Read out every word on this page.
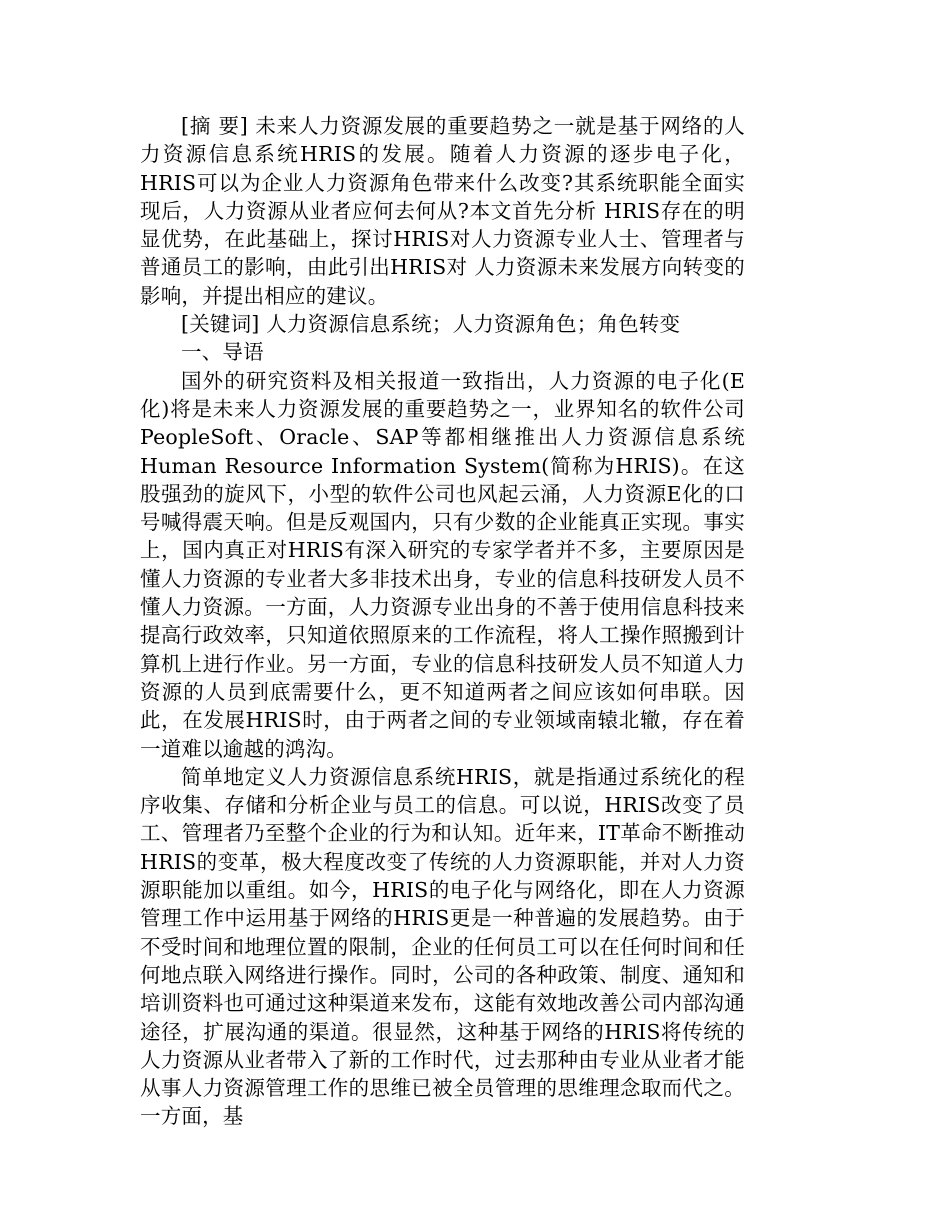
[摘 要] 未来人力资源发展的重要趋势之一就是基于网络的人力资源信息系统HRIS的发展。随着人力资源的逐步电子化，HRIS可以为企业人力资源角色带来什么改变?其系统职能全面实现后，人力资源从业者应何去何从?本文首先分析 HRIS存在的明显优势，在此基础上，探讨HRIS对人力资源专业人士、管理者与普通员工的影响，由此引出HRIS对 人力资源未来发展方向转变的影响，并提出相应的建议。

[关键词] 人力资源信息系统；人力资源角色；角色转变

一、导语

国外的研究资料及相关报道一致指出，人力资源的电子化(E化)将是未来人力资源发展的重要趋势之一，业界知名的软件公司PeopleSoft、Oracle、SAP等都相继推出人力资源信息系统Human Resource Information System(简称为HRIS)。在这股强劲的旋风下，小型的软件公司也风起云涌，人力资源E化的口号喊得震天响。但是反观国内，只有少数的企业能真正实现。事实上，国内真正对HRIS有深入研究的专家学者并不多，主要原因是懂人力资源的专业者大多非技术出身，专业的信息科技研发人员不懂人力资源。一方面，人力资源专业出身的不善于使用信息科技来提高行政效率，只知道依照原来的工作流程，将人工操作照搬到计算机上进行作业。另一方面，专业的信息科技研发人员不知道人力资源的人员到底需要什么，更不知道两者之间应该如何串联。因此，在发展HRIS时，由于两者之间的专业领域南辕北辙，存在着一道难以逾越的鸿沟。

简单地定义人力资源信息系统HRIS，就是指通过系统化的程序收集、存储和分析企业与员工的信息。可以说，HRIS改变了员工、管理者乃至整个企业的行为和认知。近年来，IT革命不断推动HRIS的变革，极大程度改变了传统的人力资源职能，并对人力资源职能加以重组。如今，HRIS的电子化与网络化，即在人力资源管理工作中运用基于网络的HRIS更是一种普遍的发展趋势。由于不受时间和地理位置的限制，企业的任何员工可以在任何时间和任何地点联入网络进行操作。同时，公司的各种政策、制度、通知和培训资料也可通过这种渠道来发布，这能有效地改善公司内部沟通途径，扩展沟通的渠道。很显然，这种基于网络的HRIS将传统的人力资源从业者带入了新的工作时代，过去那种由专业从业者才能从事人力资源管理工作的思维已被全员管理的思维理念取而代之。一方面，基
